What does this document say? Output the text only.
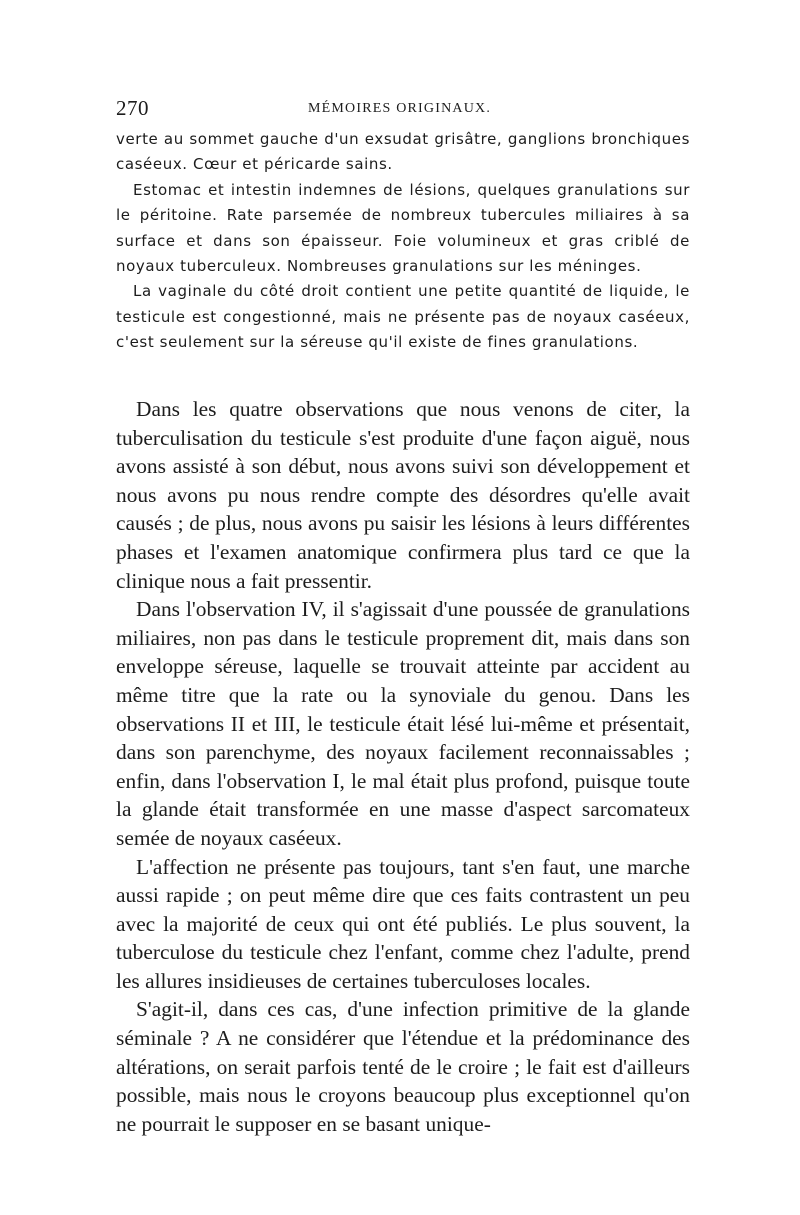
270	MÉMOIRES ORIGINAUX.

verte au sommet gauche d'un exsudat grisâtre, ganglions bronchiques caséeux. Cœur et péricarde sains.

Estomac et intestin indemnes de lésions, quelques granulations sur le péritoine. Rate parsemée de nombreux tubercules miliaires à sa surface et dans son épaisseur. Foie volumineux et gras criblé de noyaux tuberculeux. Nombreuses granulations sur les méninges.

La vaginale du côté droit contient une petite quantité de liquide, le testicule est congestionné, mais ne présente pas de noyaux caséeux, c'est seulement sur la séreuse qu'il existe de fines granulations.

Dans les quatre observations que nous venons de citer, la tuberculisation du testicule s'est produite d'une façon aiguë, nous avons assisté à son début, nous avons suivi son développement et nous avons pu nous rendre compte des désordres qu'elle avait causés ; de plus, nous avons pu saisir les lésions à leurs différentes phases et l'examen anatomique confirmera plus tard ce que la clinique nous a fait pressentir.

Dans l'observation IV, il s'agissait d'une poussée de granulations miliaires, non pas dans le testicule proprement dit, mais dans son enveloppe séreuse, laquelle se trouvait atteinte par accident au même titre que la rate ou la synoviale du genou. Dans les observations II et III, le testicule était lésé lui-même et présentait, dans son parenchyme, des noyaux facilement reconnaissables ; enfin, dans l'observation I, le mal était plus profond, puisque toute la glande était transformée en une masse d'aspect sarcomateux semée de noyaux caséeux.

L'affection ne présente pas toujours, tant s'en faut, une marche aussi rapide ; on peut même dire que ces faits contrastent un peu avec la majorité de ceux qui ont été publiés. Le plus souvent, la tuberculose du testicule chez l'enfant, comme chez l'adulte, prend les allures insidieuses de certaines tuberculoses locales.

S'agit-il, dans ces cas, d'une infection primitive de la glande séminale ? A ne considérer que l'étendue et la prédominance des altérations, on serait parfois tenté de le croire ; le fait est d'ailleurs possible, mais nous le croyons beaucoup plus exceptionnel qu'on ne pourrait le supposer en se basant unique-
